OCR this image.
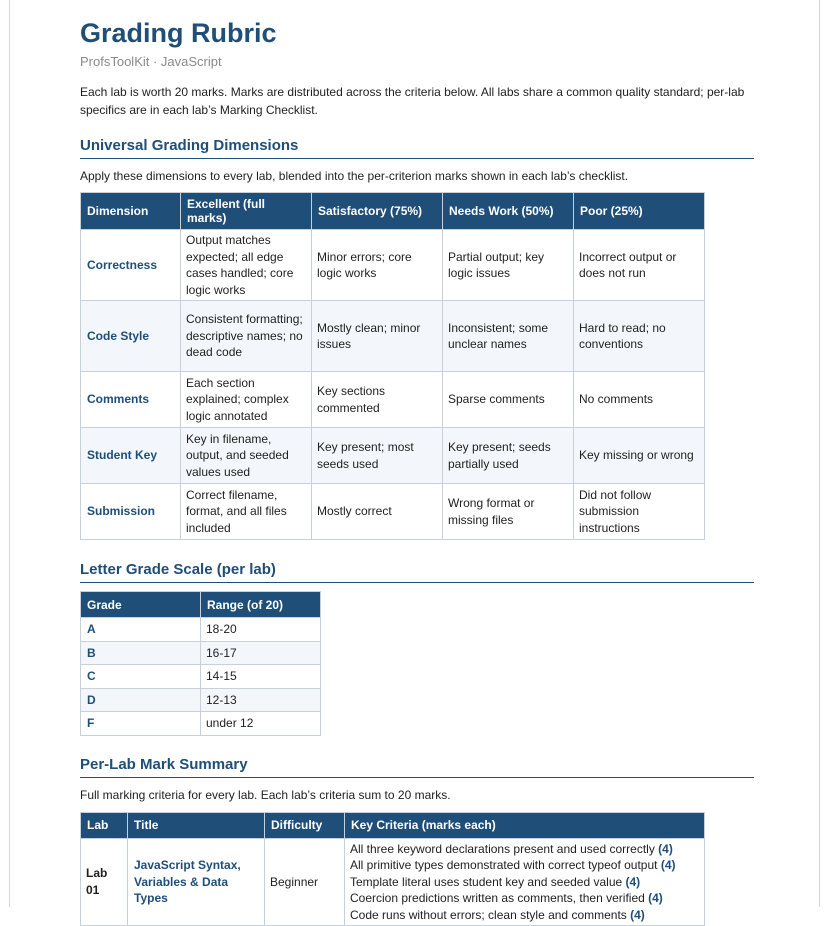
Grading Rubric
ProfsToolKit · JavaScript
Each lab is worth 20 marks. Marks are distributed across the criteria below. All labs share a common quality standard; per-lab specifics are in each lab’s Marking Checklist.
Universal Grading Dimensions
Apply these dimensions to every lab, blended into the per-criterion marks shown in each lab’s checklist.
Dimension	Excellent (full marks)	Satisfactory (75%)	Needs Work (50%)	Poor (25%)
Correctness	Output matches expected; all edge cases handled; core logic works	Minor errors; core logic works	Partial output; key logic issues	Incorrect output or does not run
Code Style	Consistent formatting; descriptive names; no dead code	Mostly clean; minor issues	Inconsistent; some unclear names	Hard to read; no conventions
Comments	Each section explained; complex logic annotated	Key sections commented	Sparse comments	No comments
Student Key	Key in filename, output, and seeded values used	Key present; most seeds used	Key present; seeds partially used	Key missing or wrong
Submission	Correct filename, format, and all files included	Mostly correct	Wrong format or missing files	Did not follow submission instructions
Letter Grade Scale (per lab)
Grade	Range (of 20)
A	18-20
B	16-17
C	14-15
D	12-13
F	under 12
Per-Lab Mark Summary
Full marking criteria for every lab. Each lab’s criteria sum to 20 marks.
Lab	Title	Difficulty	Key Criteria (marks each)
Lab 01	JavaScript Syntax, Variables & Data Types	Beginner	All three keyword declarations present and used correctly (4)
All primitive types demonstrated with correct typeof output (4)
Template literal uses student key and seeded value (4)
Coercion predictions written as comments, then verified (4)
Code runs without errors; clean style and comments (4)
